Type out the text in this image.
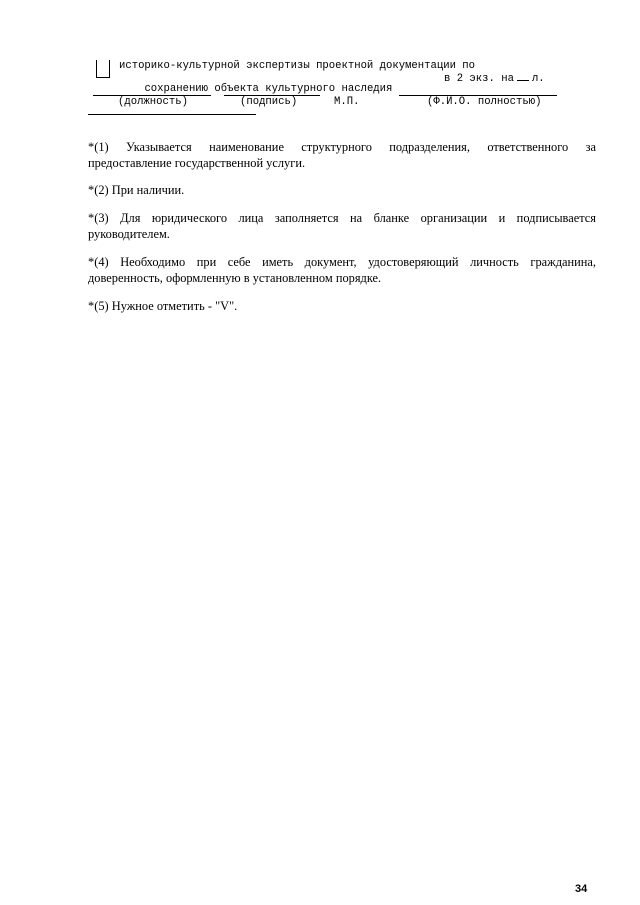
историко-культурной экспертизы проектной документации по

сохранению объекта культурного наследия

в 2 экз. на л.

(должность)	(подпись)	М.П.	(Ф.И.О. полностью)
*(1) Указывается наименование структурного подразделения, ответственного за предоставление государственной услуги.
*(2) При наличии.
*(3) Для юридического лица заполняется на бланке организации и подписывается руководителем.
*(4) Необходимо при себе иметь документ, удостоверяющий личность гражданина, доверенность, оформленную в установленном порядке.
*(5) Нужное отметить - "V".
34
